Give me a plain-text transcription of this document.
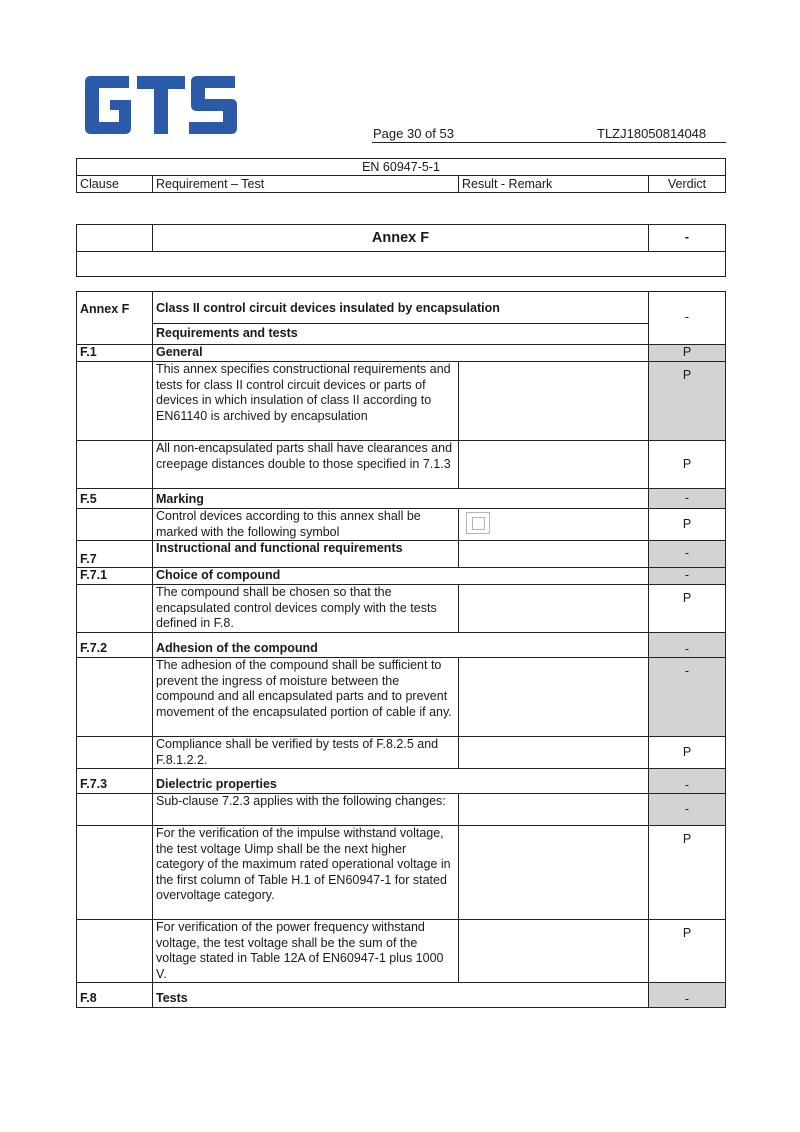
Page 30 of 53	TLZJ18050814048
EN 60947-5-1
Clause	Requirement – Test	Result - Remark	Verdict
	Annex F	-

Annex F	Class II control circuit devices insulated by encapsulation		-
	Requirements and tests		
F.1	General		P
	This annex specifies constructional requirements and tests for class II control circuit devices or parts of devices in which insulation of class II according to EN61140 is archived by encapsulation		P
	All non-encapsulated parts shall have clearances and creepage distances double to those specified in 7.1.3		P
F.5	Marking		-
	Control devices according to this annex shall be marked with the following symbol		P
F.7	Instructional and functional requirements		-
F.7.1	Choice of compound		-
	The compound shall be chosen so that the encapsulated control devices comply with the tests defined in F.8.		P
F.7.2	Adhesion of the compound		-
	The adhesion of the compound shall be sufficient to prevent the ingress of moisture between the compound and all encapsulated parts and to prevent movement of the encapsulated portion of cable if any.		-
	Compliance shall be verified by tests of F.8.2.5 and F.8.1.2.2.		P
F.7.3	Dielectric properties		-
	Sub-clause 7.2.3 applies with the following changes:		-
	For the verification of the impulse withstand voltage, the test voltage Uimp shall be the next higher category of the maximum rated operational voltage in the first column of Table H.1 of EN60947-1 for stated overvoltage category.		P
	For verification of the power frequency withstand voltage, the test voltage shall be the sum of the voltage stated in Table 12A of EN60947-1 plus 1000 V.		P
F.8	Tests		-
